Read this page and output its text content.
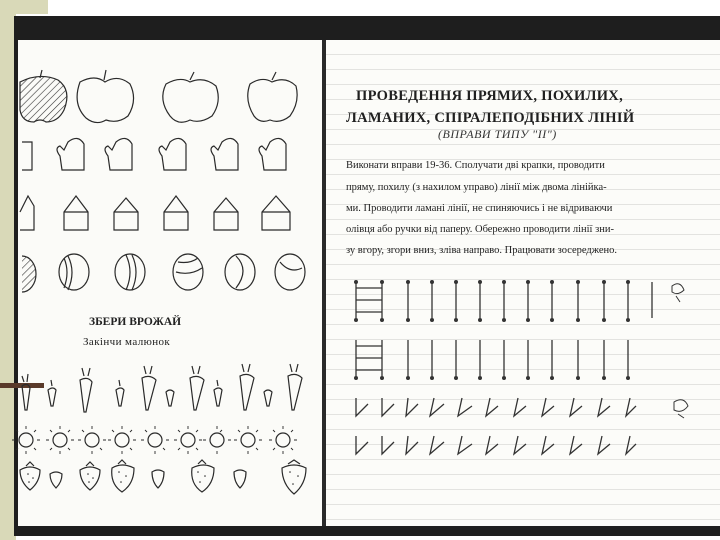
ЗБЕРИ ВРОЖАЙ
Закінчи малюнок
ПРОВЕДЕННЯ ПРЯМИХ, ПОХИЛИХ,
ЛАМАНИХ, СПІРАЛЕПОДІБНИХ ЛІНІЙ
(ВПРАВИ ТИПУ "II")
Виконати вправи 19-36. Сполучати дві крапки, проводити
пряму, похилу (з нахилом управо) лінії між двома лінійка-
ми. Проводити ламані лінії, не спиняючись і не відриваючи
олівця або ручки від паперу. Обережно проводити лінії зни-
зу вгору, згори вниз, зліва направо. Працювати зосереджено.
